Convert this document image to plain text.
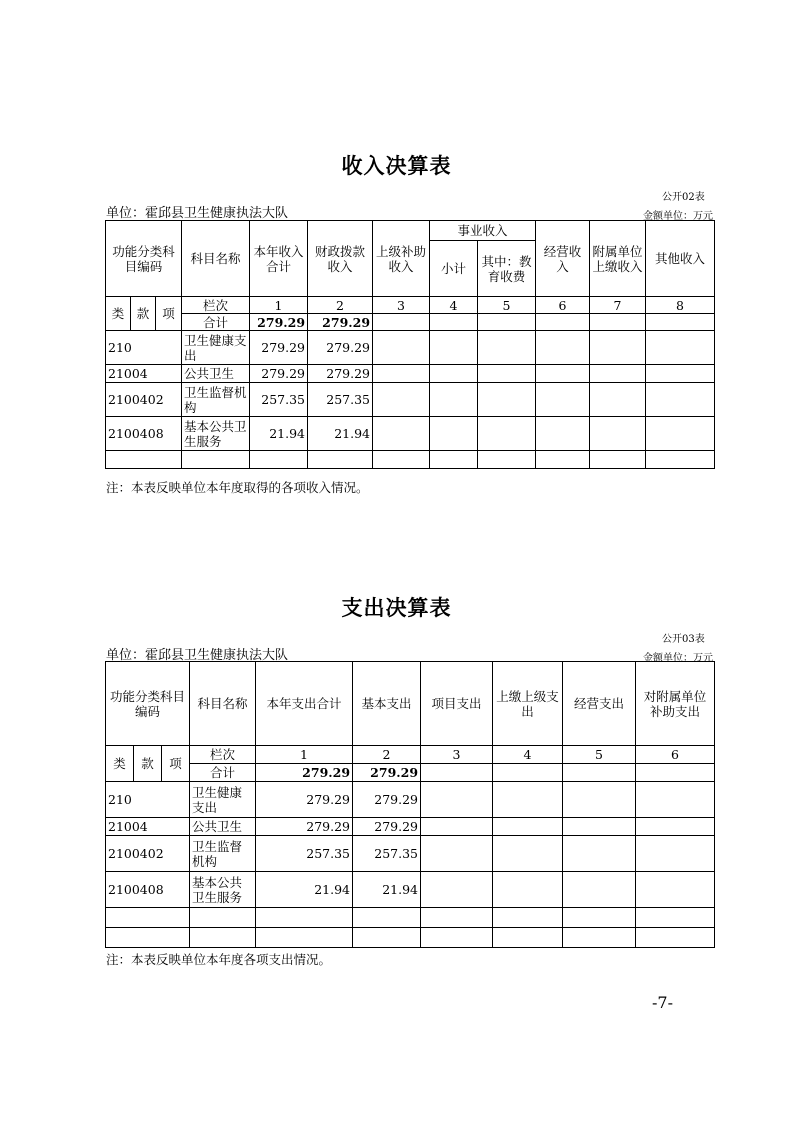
收入决算表
公开02表
单位：霍邱县卫生健康执法大队	金额单位：万元
功能分类科目编码			科目名称	本年收入合计	财政拨款收入	上级补助收入	事业收入		经营收入	附属单位上缴收入	其他收入
							小计	其中：教育收费			
类	款	项	栏次	1	2	3	4	5	6	7	8
			合计	279.29	279.29						
210			卫生健康支出	279.29	279.29						
21004			公共卫生	279.29	279.29						
2100402			卫生监督机构	257.35	257.35						
2100408			基本公共卫生服务	21.94	21.94						

注：本表反映单位本年度取得的各项收入情况。
支出决算表
公开03表
单位：霍邱县卫生健康执法大队	金额单位：万元
功能分类科目编码			科目名称	本年支出合计	基本支出	项目支出	上缴上级支出	经营支出	对附属单位补助支出
类	款	项	栏次	1	2	3	4	5	6
			合计	279.29	279.29				
210			卫生健康支出	279.29	279.29				
21004			公共卫生	279.29	279.29				
2100402			卫生监督机构	257.35	257.35				
2100408			基本公共卫生服务	21.94	21.94				

注：本表反映单位本年度各项支出情况。
-7-
